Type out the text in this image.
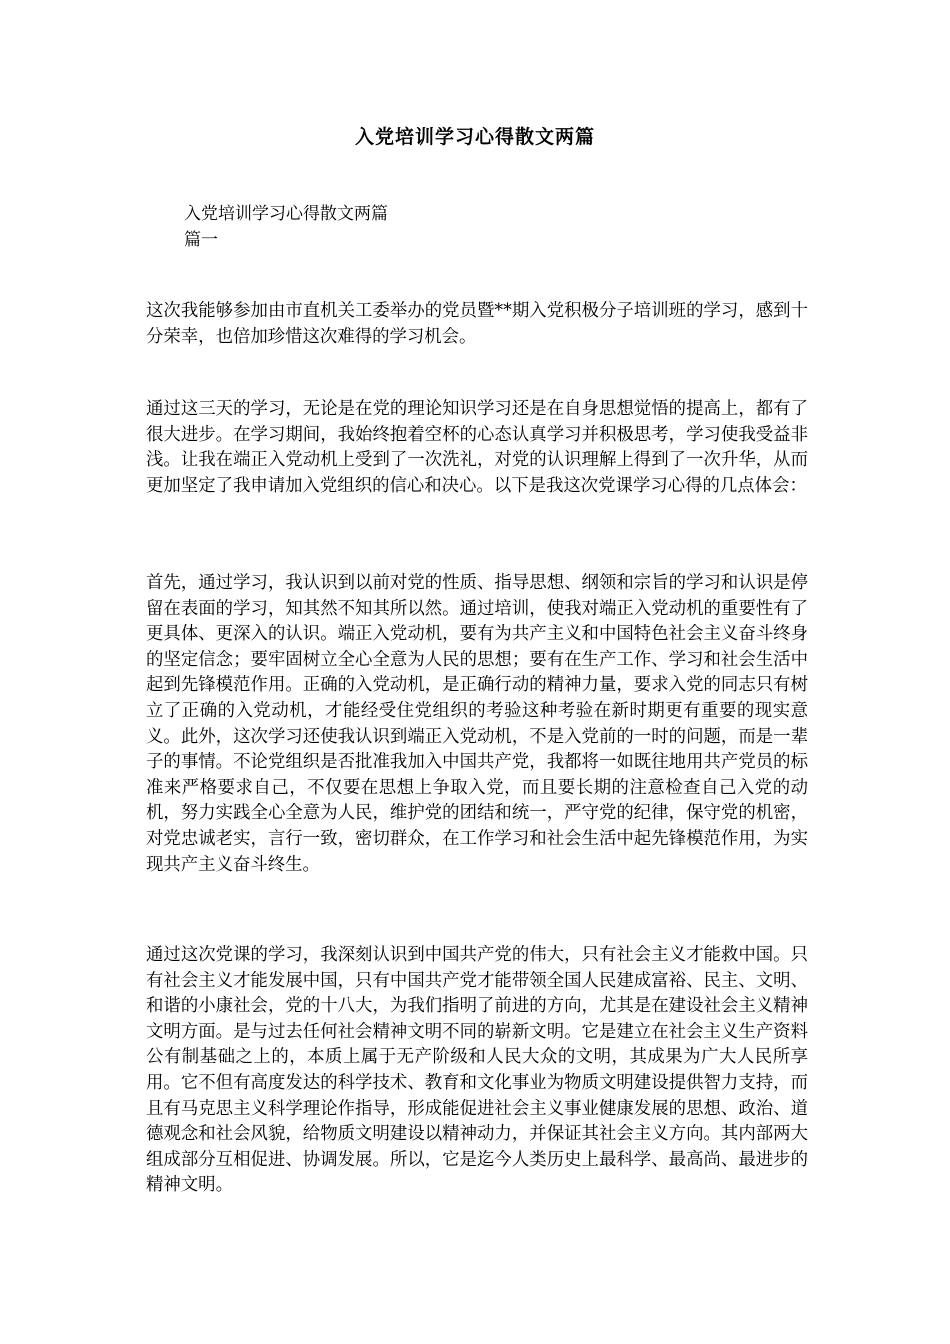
入党培训学习心得散文两篇
入党培训学习心得散文两篇
篇一

这次我能够参加由市直机关工委举办的党员暨**期入党积极分子培训班的学习，感到十分荣幸，也倍加珍惜这次难得的学习机会。

通过这三天的学习，无论是在党的理论知识学习还是在自身思想觉悟的提高上，都有了很大进步。在学习期间，我始终抱着空杯的心态认真学习并积极思考，学习使我受益非浅。让我在端正入党动机上受到了一次洗礼，对党的认识理解上得到了一次升华，从而更加坚定了我申请加入党组织的信心和决心。以下是我这次党课学习心得的几点体会：

首先，通过学习，我认识到以前对党的性质、指导思想、纲领和宗旨的学习和认识是停留在表面的学习，知其然不知其所以然。通过培训，使我对端正入党动机的重要性有了更具体、更深入的认识。端正入党动机，要有为共产主义和中国特色社会主义奋斗终身的坚定信念；要牢固树立全心全意为人民的思想；要有在生产工作、学习和社会生活中起到先锋模范作用。正确的入党动机，是正确行动的精神力量，要求入党的同志只有树立了正确的入党动机，才能经受住党组织的考验这种考验在新时期更有重要的现实意义。此外，这次学习还使我认识到端正入党动机，不是入党前的一时的问题，而是一辈子的事情。不论党组织是否批准我加入中国共产党，我都将一如既往地用共产党员的标准来严格要求自己，不仅要在思想上争取入党，而且要长期的注意检查自己入党的动机，努力实践全心全意为人民，维护党的团结和统一，严守党的纪律，保守党的机密，对党忠诚老实，言行一致，密切群众，在工作学习和社会生活中起先锋模范作用，为实现共产主义奋斗终生。

通过这次党课的学习，我深刻认识到中国共产党的伟大，只有社会主义才能救中国。只有社会主义才能发展中国，只有中国共产党才能带领全国人民建成富裕、民主、文明、和谐的小康社会，党的十八大，为我们指明了前进的方向，尤其是在建设社会主义精神文明方面。是与过去任何社会精神文明不同的崭新文明。它是建立在社会主义生产资料公有制基础之上的，本质上属于无产阶级和人民大众的文明，其成果为广大人民所享用。它不但有高度发达的科学技术、教育和文化事业为物质文明建设提供智力支持，而且有马克思主义科学理论作指导，形成能促进社会主义事业健康发展的思想、政治、道德观念和社会风貌，给物质文明建设以精神动力，并保证其社会主义方向。其内部两大组成部分互相促进、协调发展。所以，它是迄今人类历史上最科学、最高尚、最进步的精神文明。
